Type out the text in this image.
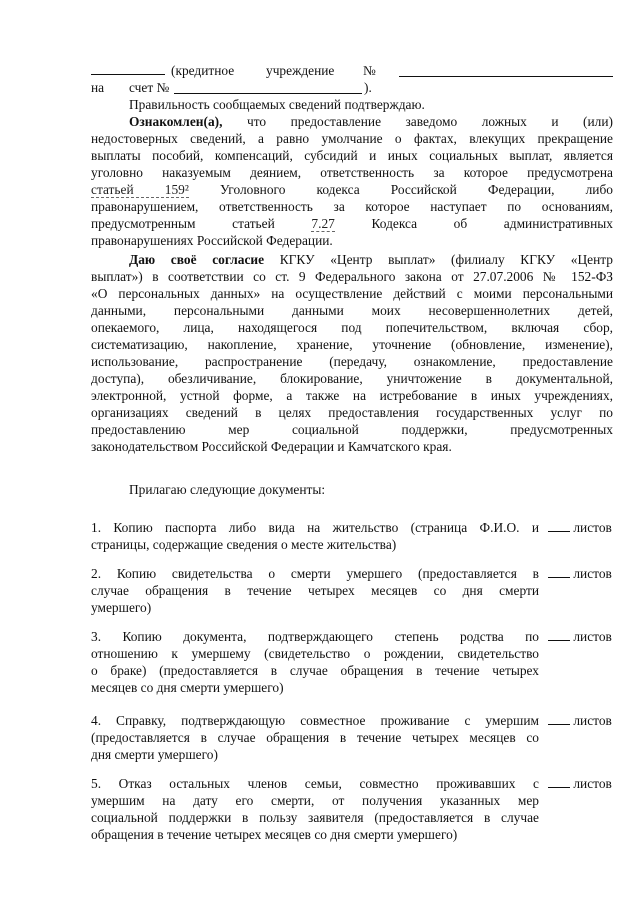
(кредитное учреждение №
на счет №	).
Правильность сообщаемых сведений подтверждаю.
Ознакомлен(а), что предоставление заведомо ложных и (или)
недостоверных сведений, а равно умолчание о фактах, влекущих прекращение
выплаты пособий, компенсаций, субсидий и иных социальных выплат, является
уголовно наказуемым деянием, ответственность за которое предусмотрена
статьей 159² Уголовного кодекса Российской Федерации, либо
правонарушением, ответственность за которое наступает по основаниям,
предусмотренным статьей	7.27	Кодекса об административных
правонарушениях Российской Федерации.
Даю своё согласие КГКУ «Центр выплат» (филиалу КГКУ «Центр
выплат») в соответствии со ст. 9 Федерального закона от 27.07.2006 № 152-ФЗ
«О персональных данных» на осуществление действий с моими персональными
данными, персональными данными моих несовершеннолетних детей,
опекаемого, лица, находящегося под попечительством, включая сбор,
систематизацию, накопление, хранение, уточнение (обновление, изменение),
использование, распространение (передачу, ознакомление, предоставление
доступа), обезличивание, блокирование, уничтожение в документальной,
электронной, устной форме, а также на истребование в иных учреждениях,
организациях сведений в целях предоставления государственных услуг по
предоставлению мер социальной поддержки, предусмотренных
законодательством Российской Федерации и Камчатского края.
Прилагаю следующие документы:
1. Копию паспорта либо вида на жительство (страница Ф.И.О. и
страницы, содержащие сведения о месте жительства)
листов
2. Копию свидетельства о смерти умершего (предоставляется в
случае обращения в течение четырех месяцев со дня смерти
умершего)
листов
3. Копию документа, подтверждающего степень родства по
отношению к умершему (свидетельство о рождении, свидетельство
о браке) (предоставляется в случае обращения в течение четырех
месяцев со дня смерти умершего)
листов
4. Справку, подтверждающую совместное проживание с умершим
(предоставляется в случае обращения в течение четырех месяцев со
дня смерти умершего)
листов
5. Отказ остальных членов семьи, совместно проживавших с
умершим на дату его смерти, от получения указанных мер
социальной поддержки в пользу заявителя (предоставляется в случае
обращения в течение четырех месяцев со дня смерти умершего)
листов
